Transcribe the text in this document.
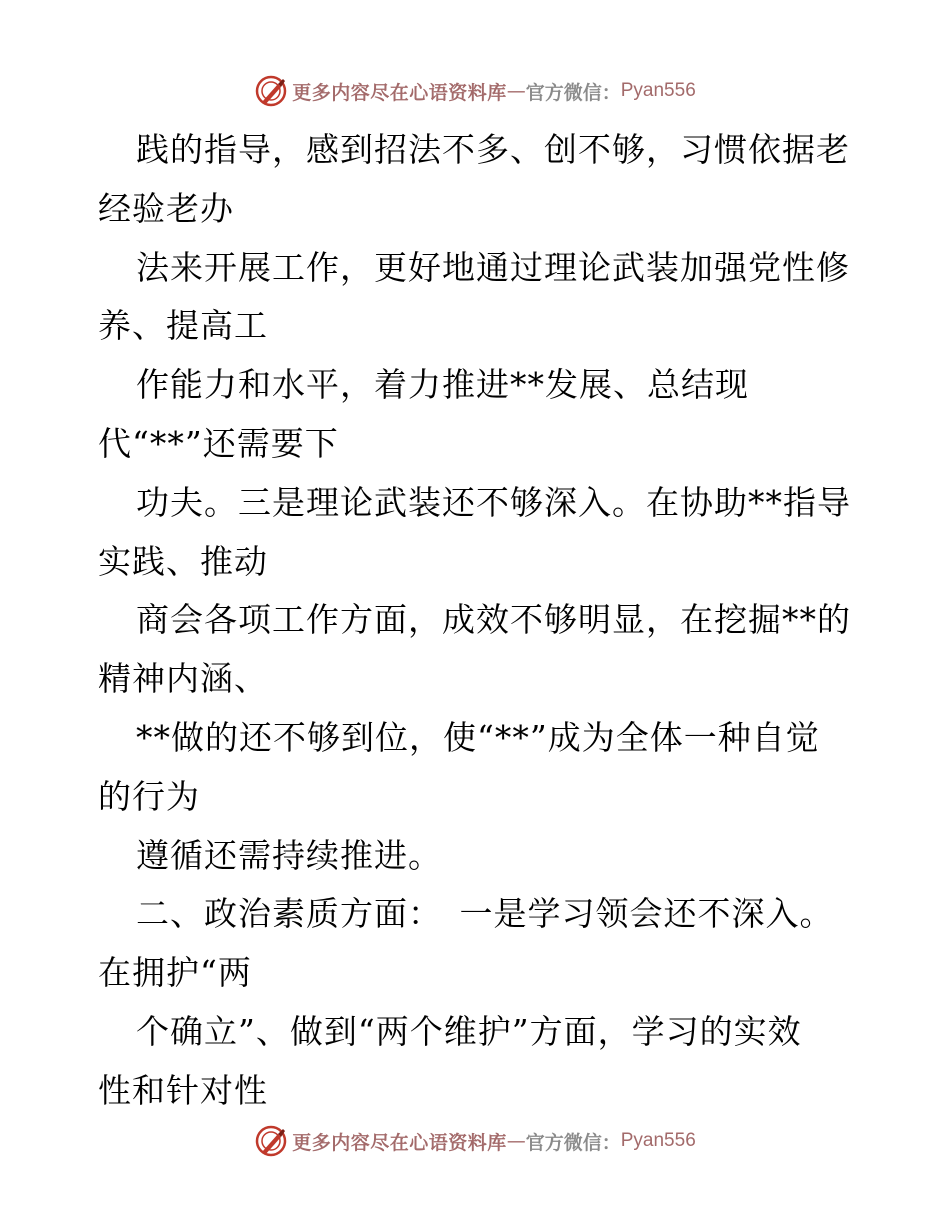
更多内容尽在心语资料库 — 官方微信： Pyan556
践的指导，感到招法不多、创不够，习惯依据老
经验老办
法来开展工作，更好地通过理论武装加强党性修
养、提高工
作能力和水平，着力推进**发展、总结现
代“**”还需要下
功夫。三是理论武装还不够深入。在协助**指导
实践、推动
商会各项工作方面，成效不够明显，在挖掘**的
精神内涵、
**做的还不够到位，使“**”成为全体一种自觉
的行为
遵循还需持续推进。
二、政治素质方面：　一是学习领会还不深入。
在拥护“两
个确立”、做到“两个维护”方面，学习的实效
性和针对性
更多内容尽在心语资料库 — 官方微信： Pyan556
